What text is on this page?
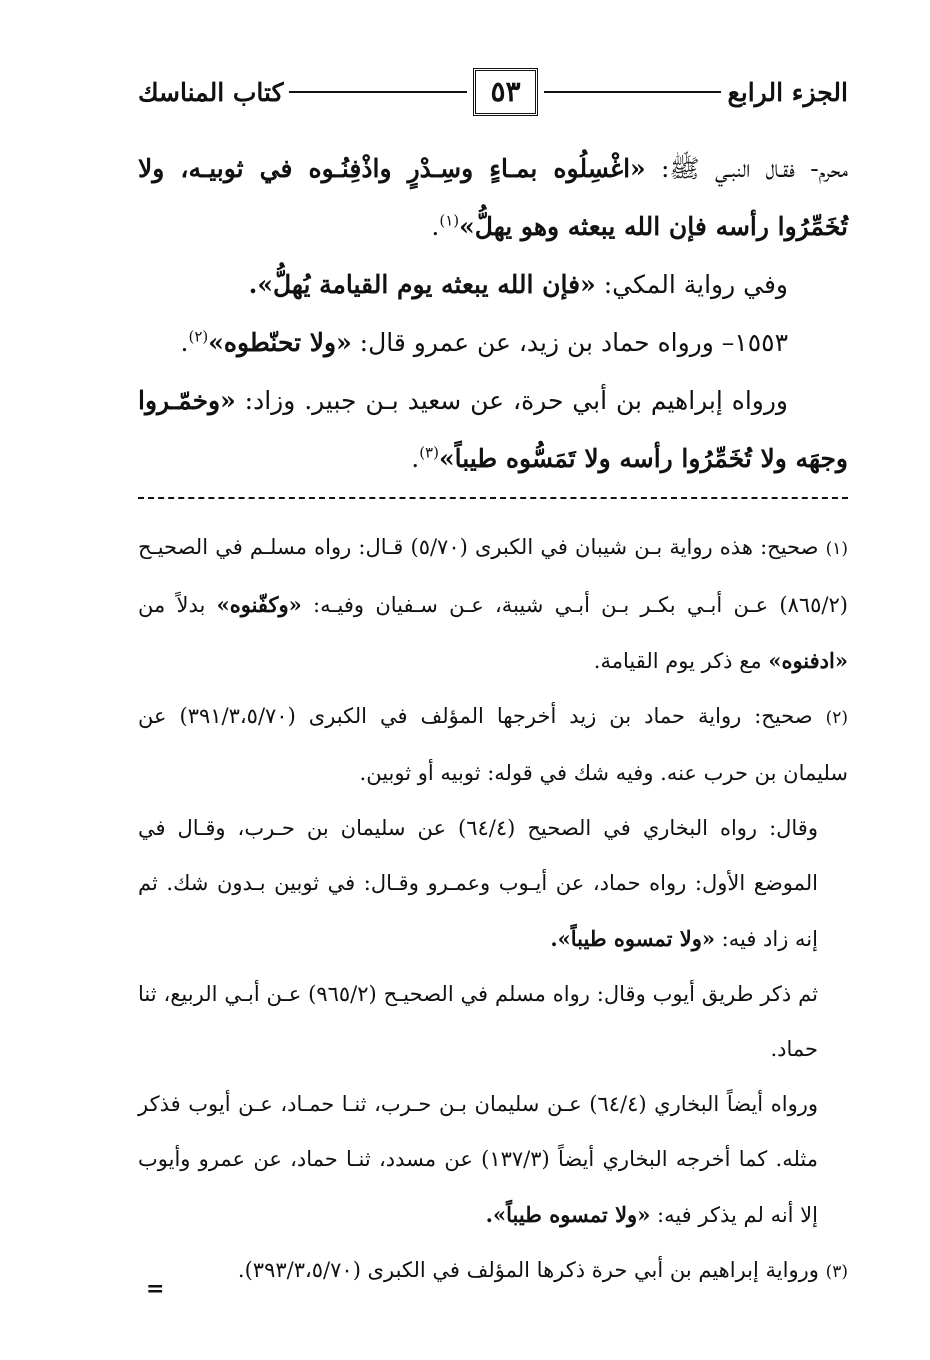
الجزء الرابع
٥٣
كتاب المناسك

محرم- فقـال النبـي ﷺ: «اغْسِلُوه بمـاءٍ وسِـدْرٍ واذْفِنُـوه في ثوبيـه، ولا تُخَمِّرُوا رأسه فإن الله يبعثه وهو يهلُّ»$^{(١)}$.

وفي رواية المكي: «فإن الله يبعثه يوم القيامة يُهلُّ».

١٥٥٣– ورواه حماد بن زيد، عن عمرو قال: «ولا تحنّطوه»$^{(٢)}$.

ورواه إبراهيم بن أبي حرة، عن سعيد بـن جبير. وزاد: «وخمّـروا وجهَه ولا تُخَمِّرُوا رأسه ولا تَمَسُّوه طيباً»$^{(٣)}$.

(١) صحيح: هذه رواية بـن شيبان في الكبرى (٥/٧٠) قـال: رواه مسلـم في الصحيـح (٨٦٥/٢) عـن أبـي بكـر بـن أبـي شيبة، عـن سـفيان وفيـه: «وكفّنوه» بدلاً من «ادفنوه» مع ذكر يوم القيامة.

(٢) صحيح: رواية حماد بن زيد أخرجها المؤلف في الكبرى (٣٩١/٣،٥/٧٠) عن سليمان بن حرب عنه. وفيه شك في قوله: ثوبيه أو ثوبين.

وقال: رواه البخاري في الصحيح (٦٤/٤) عن سليمان بن حـرب، وقـال في الموضع الأول: رواه حماد، عن أيـوب وعمـرو وقـال: في ثوبين بـدون شك. ثم إنه زاد فيه: «ولا تمسوه طيباً».

ثم ذكر طريق أيوب وقال: رواه مسلم في الصحيـح (٩٦٥/٢) عـن أبـي الربيع، ثنا حماد.

ورواه أيضاً البخاري (٦٤/٤) عـن سليمان بـن حـرب، ثنـا حمـاد، عـن أيوب فذكر مثله. كما أخرجه البخاري أيضاً (١٣٧/٣) عن مسدد، ثنـا حماد، عن عمرو وأيوب إلا أنه لم يذكر فيه: «ولا تمسوه طيباً».

(٣) ورواية إبراهيم بن أبي حرة ذكرها المؤلف في الكبرى (٣٩٣/٣،٥/٧٠).

=
